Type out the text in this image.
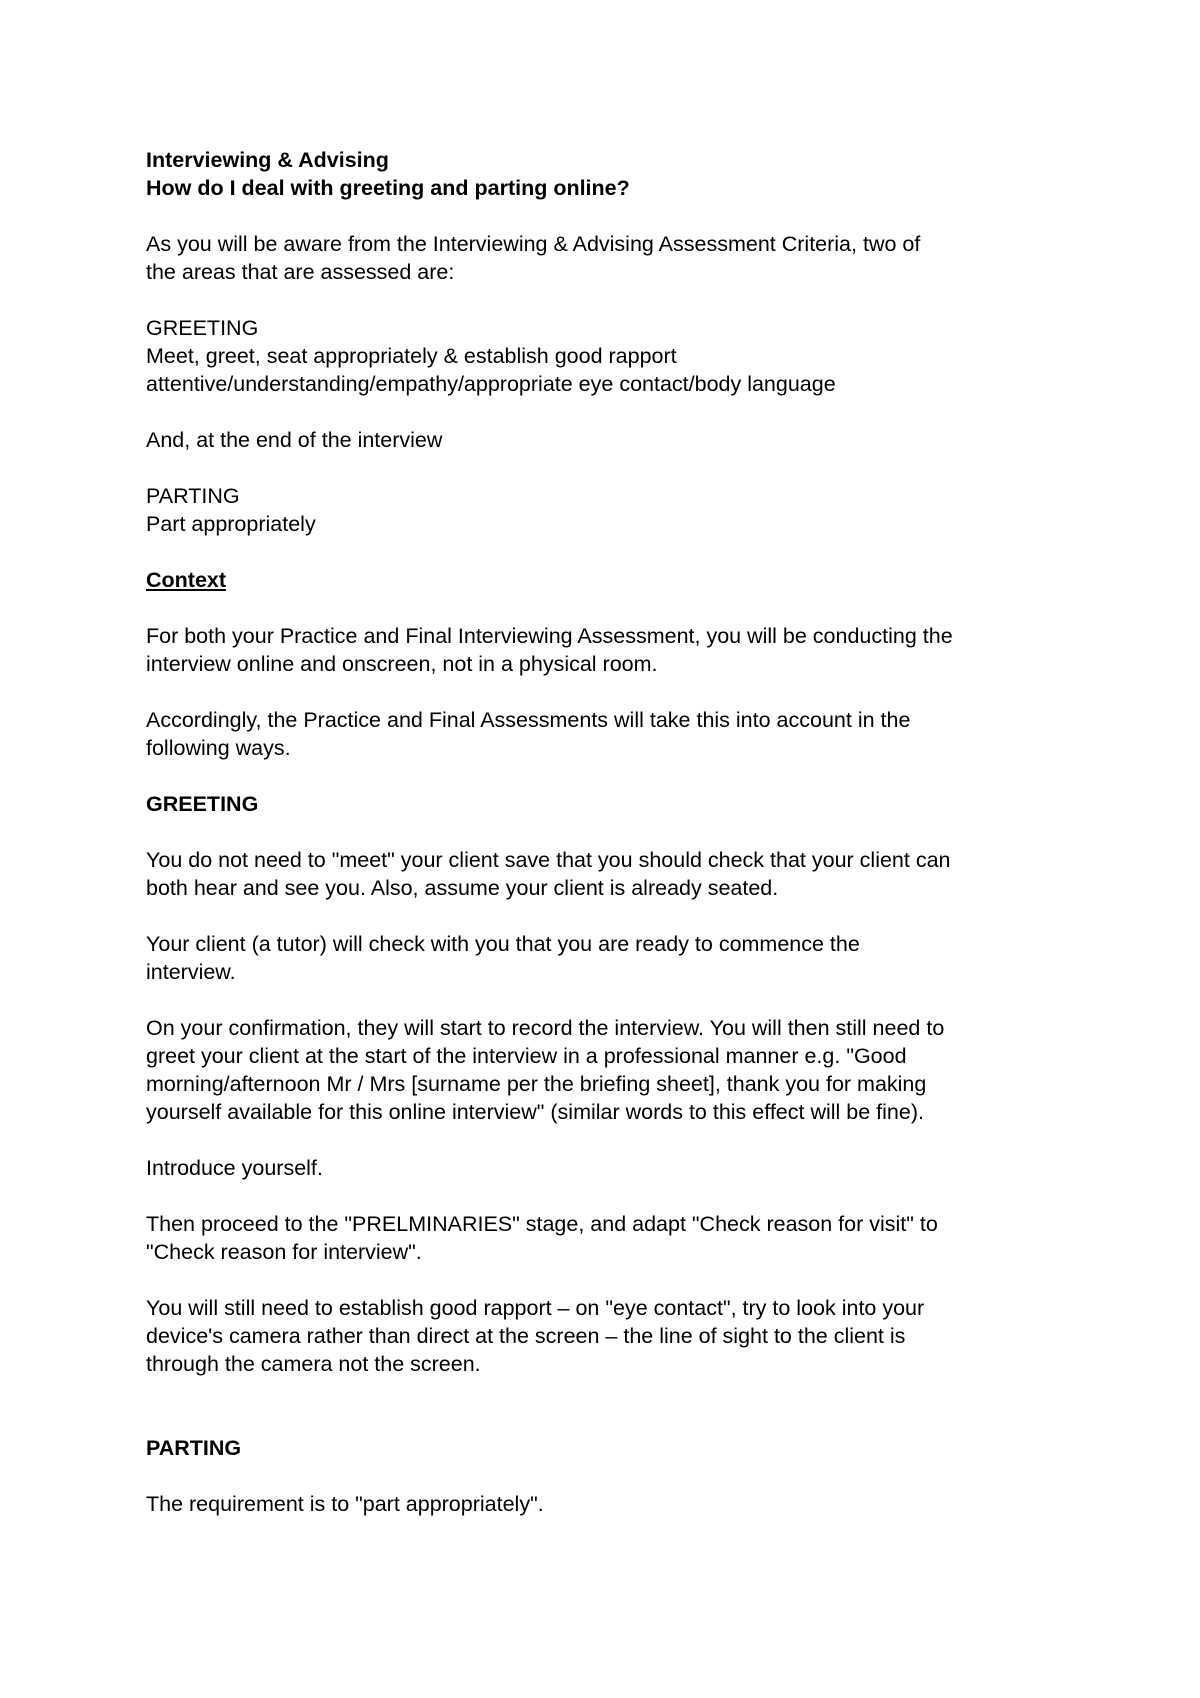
Interviewing & Advising

How do I deal with greeting and parting online?

As you will be aware from the Interviewing & Advising Assessment Criteria, two of

the areas that are assessed are:

GREETING

Meet, greet, seat appropriately & establish good rapport

attentive/understanding/empathy/appropriate eye contact/body language

And, at the end of the interview

PARTING

Part appropriately

Context

For both your Practice and Final Interviewing Assessment, you will be conducting the

interview online and onscreen, not in a physical room.

Accordingly, the Practice and Final Assessments will take this into account in the

following ways.

GREETING

You do not need to "meet" your client save that you should check that your client can

both hear and see you. Also, assume your client is already seated.

Your client (a tutor) will check with you that you are ready to commence the

interview.

On your confirmation, they will start to record the interview. You will then still need to

greet your client at the start of the interview in a professional manner e.g. "Good

morning/afternoon Mr / Mrs [surname per the briefing sheet], thank you for making

yourself available for this online interview" (similar words to this effect will be fine).

Introduce yourself.

Then proceed to the "PRELMINARIES" stage, and adapt "Check reason for visit" to

"Check reason for interview".

You will still need to establish good rapport – on "eye contact", try to look into your

device's camera rather than direct at the screen – the line of sight to the client is

through the camera not the screen.

PARTING

The requirement is to "part appropriately".
